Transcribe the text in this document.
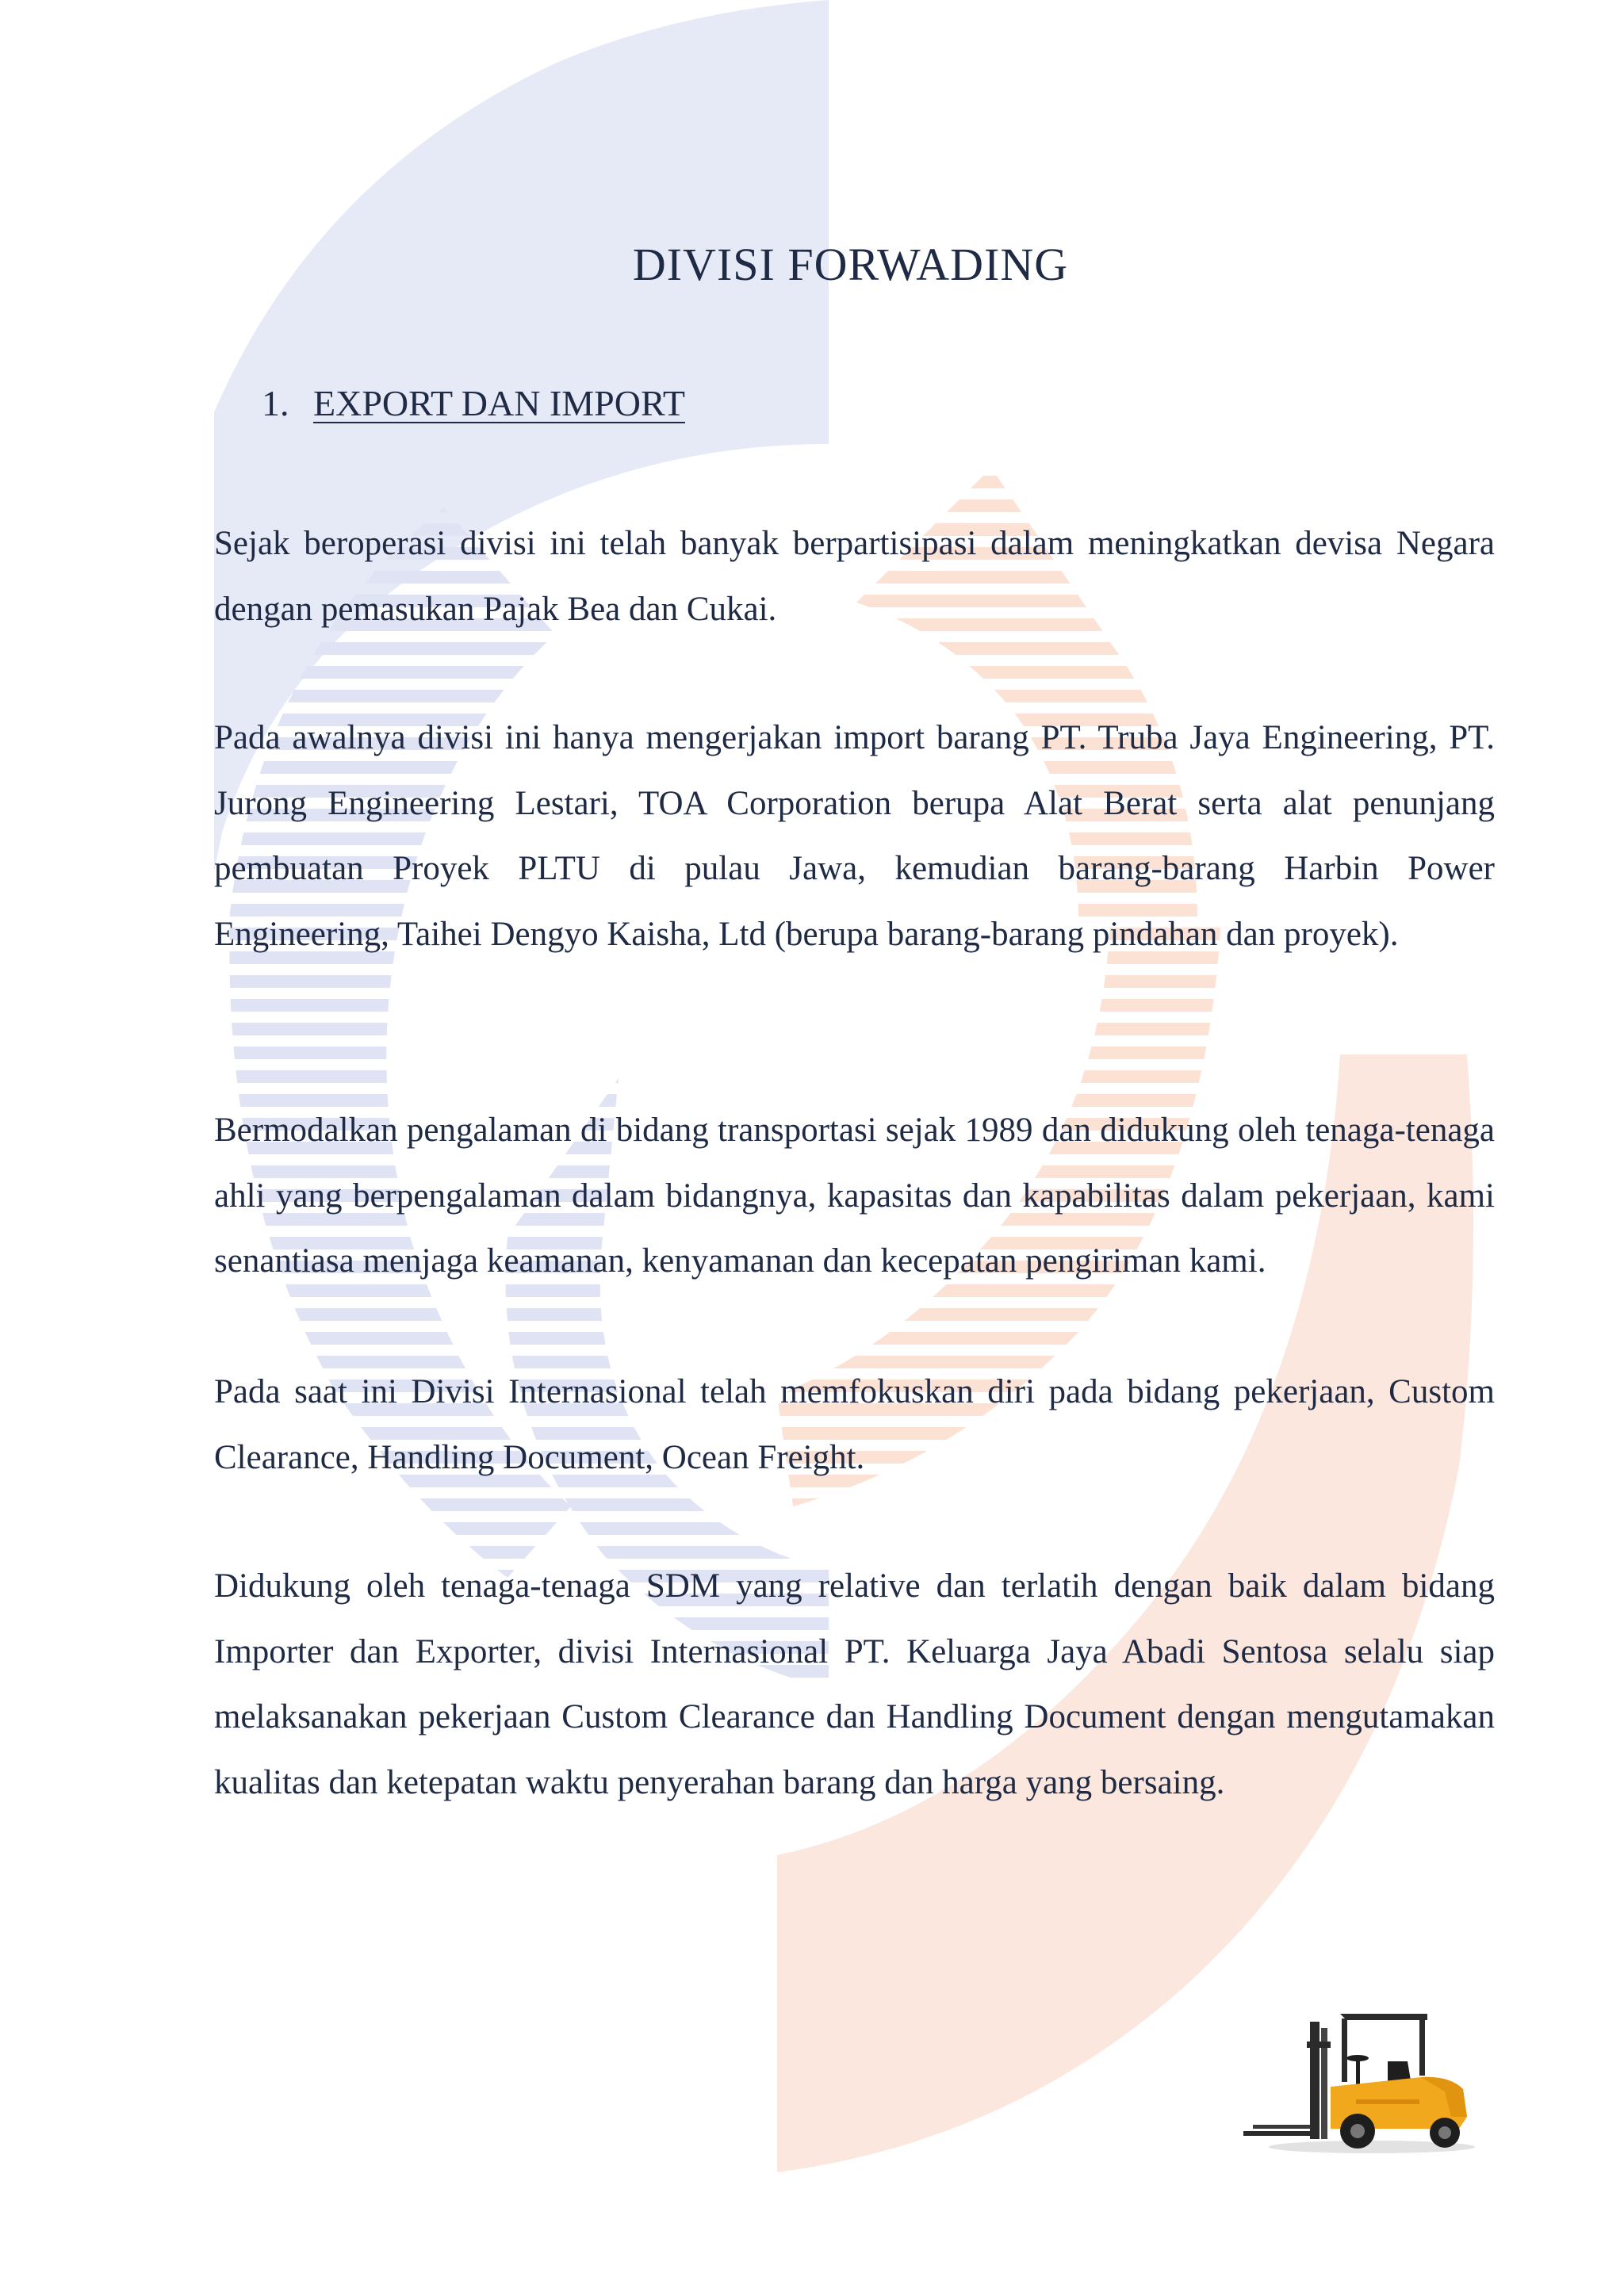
DIVISI FORWADING
1. EXPORT DAN IMPORT

Sejak beroperasi divisi ini telah banyak berpartisipasi dalam meningkatkan devisa Negara dengan pemasukan Pajak Bea dan Cukai.

Pada awalnya divisi ini hanya mengerjakan import barang PT. Truba Jaya Engineering, PT. Jurong Engineering Lestari, TOA Corporation berupa Alat Berat serta alat penunjang pembuatan Proyek PLTU di pulau Jawa, kemudian barang-barang Harbin Power Engineering, Taihei Dengyo Kaisha, Ltd (berupa barang-barang pindahan dan proyek).

Bermodalkan pengalaman di bidang transportasi sejak 1989 dan didukung oleh tenaga-tenaga ahli yang berpengalaman dalam bidangnya, kapasitas dan kapabilitas dalam pekerjaan, kami senantiasa menjaga keamanan, kenyamanan dan kecepatan pengiriman kami.

Pada saat ini Divisi Internasional telah memfokuskan diri pada bidang pekerjaan, Custom Clearance, Handling Document, Ocean Freight.

Didukung oleh tenaga-tenaga SDM yang relative dan terlatih dengan baik dalam bidang Importer dan Exporter, divisi Internasional PT. Keluarga Jaya Abadi Sentosa selalu siap melaksanakan pekerjaan Custom Clearance dan Handling Document dengan mengutamakan kualitas dan ketepatan waktu penyerahan barang dan harga yang bersaing.
